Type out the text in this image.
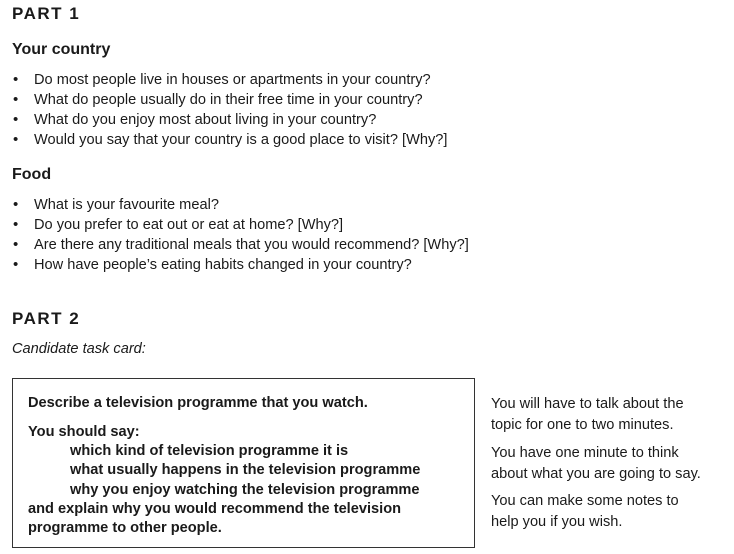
PART 1
Your country
• Do most people live in houses or apartments in your country?
• What do people usually do in their free time in your country?
• What do you enjoy most about living in your country?
• Would you say that your country is a good place to visit? [Why?]
Food
• What is your favourite meal?
• Do you prefer to eat out or eat at home? [Why?]
• Are there any traditional meals that you would recommend? [Why?]
• How have people’s eating habits changed in your country?
PART 2
Candidate task card:
Describe a television programme that you watch.
You should say:
which kind of television programme it is
what usually happens in the television programme
why you enjoy watching the television programme
and explain why you would recommend the television
programme to other people.
You will have to talk about the
topic for one to two minutes.
You have one minute to think
about what you are going to say.
You can make some notes to
help you if you wish.
